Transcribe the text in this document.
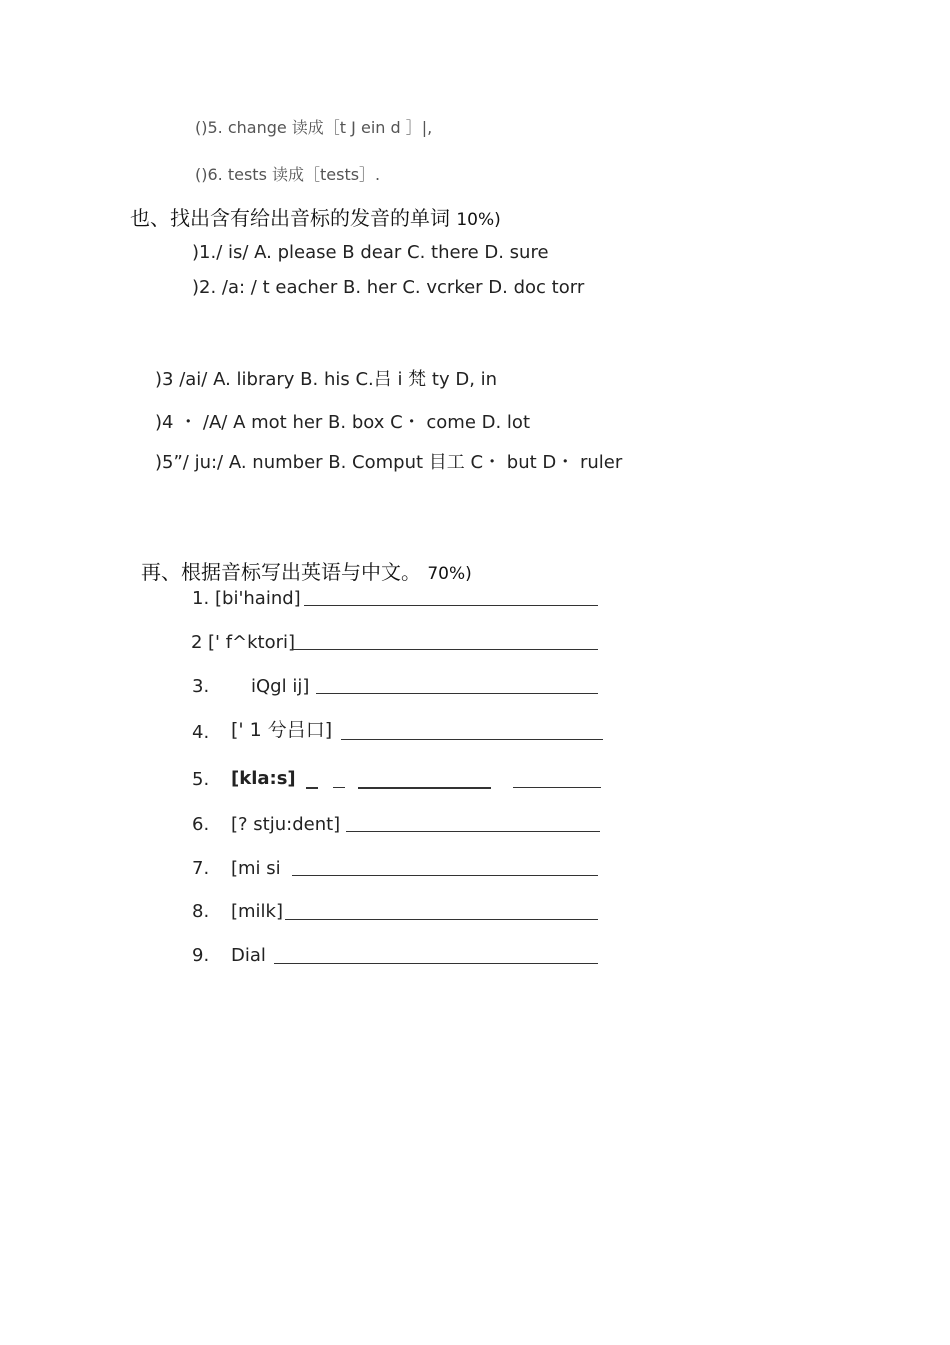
()5. change 读成［t J ein d ］|,
()6. tests 读成［tests］.
也、找出含有给出音标的发音的单词 10%)
)1./ is/ A. please B dear C. there D. sure
)2. /a: / t eacher B. her C. vcrker D. doc torr
)3 /ai/ A. library B. his C.吕 i 梵 ty D, in
)4 ・ /A/ A mot her B. box C・ come D. lot
)5”/ ju:/ A. number B. Comput 目工 C・ but D・ ruler
再、根据音标写出英语与中文。 70%)
1. [bi'haind]
2 [' f^ktori]
3. iQgl ij]
4. [' 1 兮吕口]
5. [kla:s]
6. [? stju:dent]
7. [mi si
8. [milk]
9. Dial
